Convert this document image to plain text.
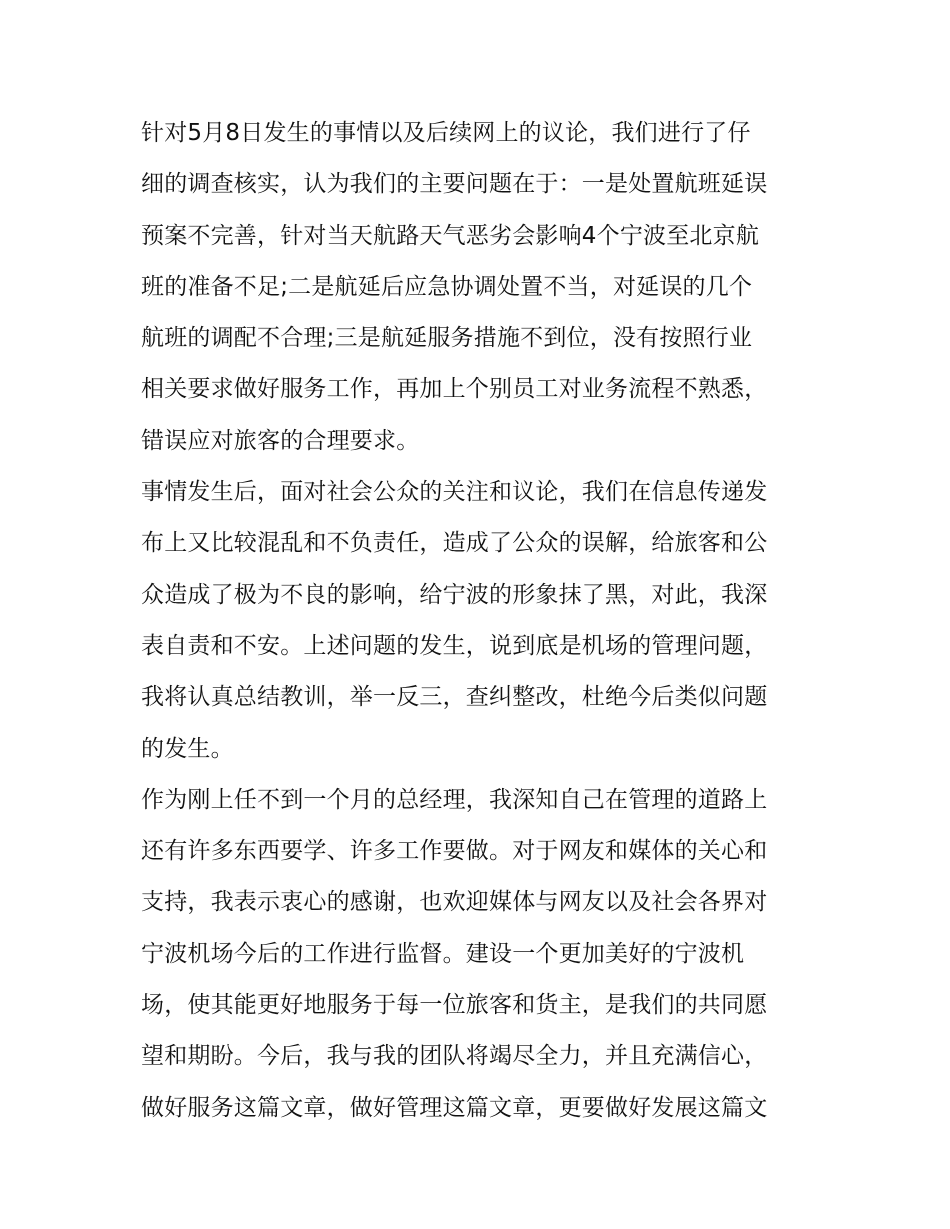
针对5月8日发生的事情以及后续网上的议论，我们进行了仔
细的调查核实，认为我们的主要问题在于：一是处置航班延误
预案不完善，针对当天航路天气恶劣会影响4个宁波至北京航
班的准备不足;二是航延后应急协调处置不当，对延误的几个
航班的调配不合理;三是航延服务措施不到位，没有按照行业
相关要求做好服务工作，再加上个别员工对业务流程不熟悉，
错误应对旅客的合理要求。
事情发生后，面对社会公众的关注和议论，我们在信息传递发
布上又比较混乱和不负责任，造成了公众的误解，给旅客和公
众造成了极为不良的影响，给宁波的形象抹了黑，对此，我深
表自责和不安。上述问题的发生，说到底是机场的管理问题，
我将认真总结教训，举一反三，查纠整改，杜绝今后类似问题
的发生。
作为刚上任不到一个月的总经理，我深知自己在管理的道路上
还有许多东西要学、许多工作要做。对于网友和媒体的关心和
支持，我表示衷心的感谢，也欢迎媒体与网友以及社会各界对
宁波机场今后的工作进行监督。建设一个更加美好的宁波机
场，使其能更好地服务于每一位旅客和货主，是我们的共同愿
望和期盼。今后，我与我的团队将竭尽全力，并且充满信心，
做好服务这篇文章，做好管理这篇文章，更要做好发展这篇文
